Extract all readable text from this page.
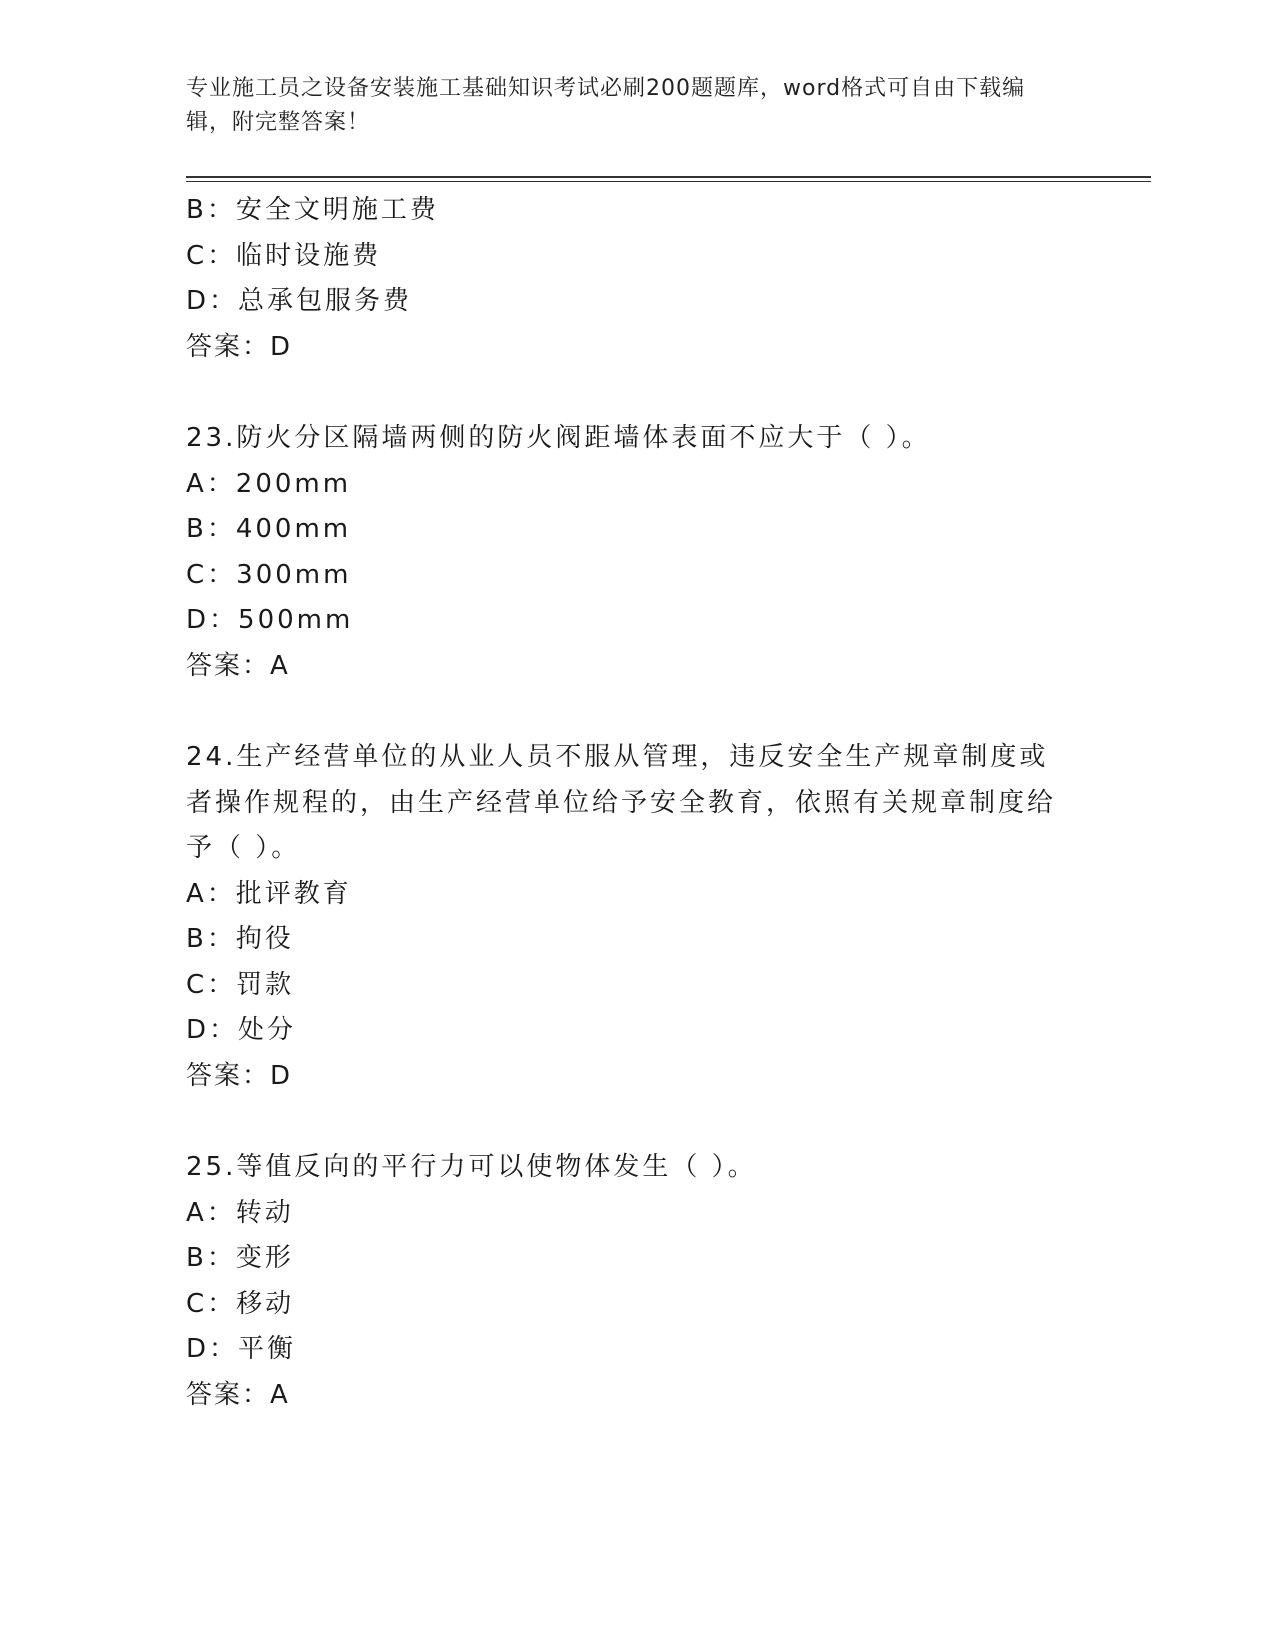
专业施工员之设备安装施工基础知识考试必刷200题题库，word格式可自由下载编辑，附完整答案！
B：安全文明施工费
C：临时设施费
D：总承包服务费
答案：D
23.防火分区隔墙两侧的防火阀距墙体表面不应大于（ ）。
A：200mm
B：400mm
C：300mm
D：500mm
答案：A
24.生产经营单位的从业人员不服从管理，违反安全生产规章制度或者操作规程的，由生产经营单位给予安全教育，依照有关规章制度给予（ ）。
A：批评教育
B：拘役
C：罚款
D：处分
答案：D
25.等值反向的平行力可以使物体发生（ ）。
A：转动
B：变形
C：移动
D：平衡
答案：A
